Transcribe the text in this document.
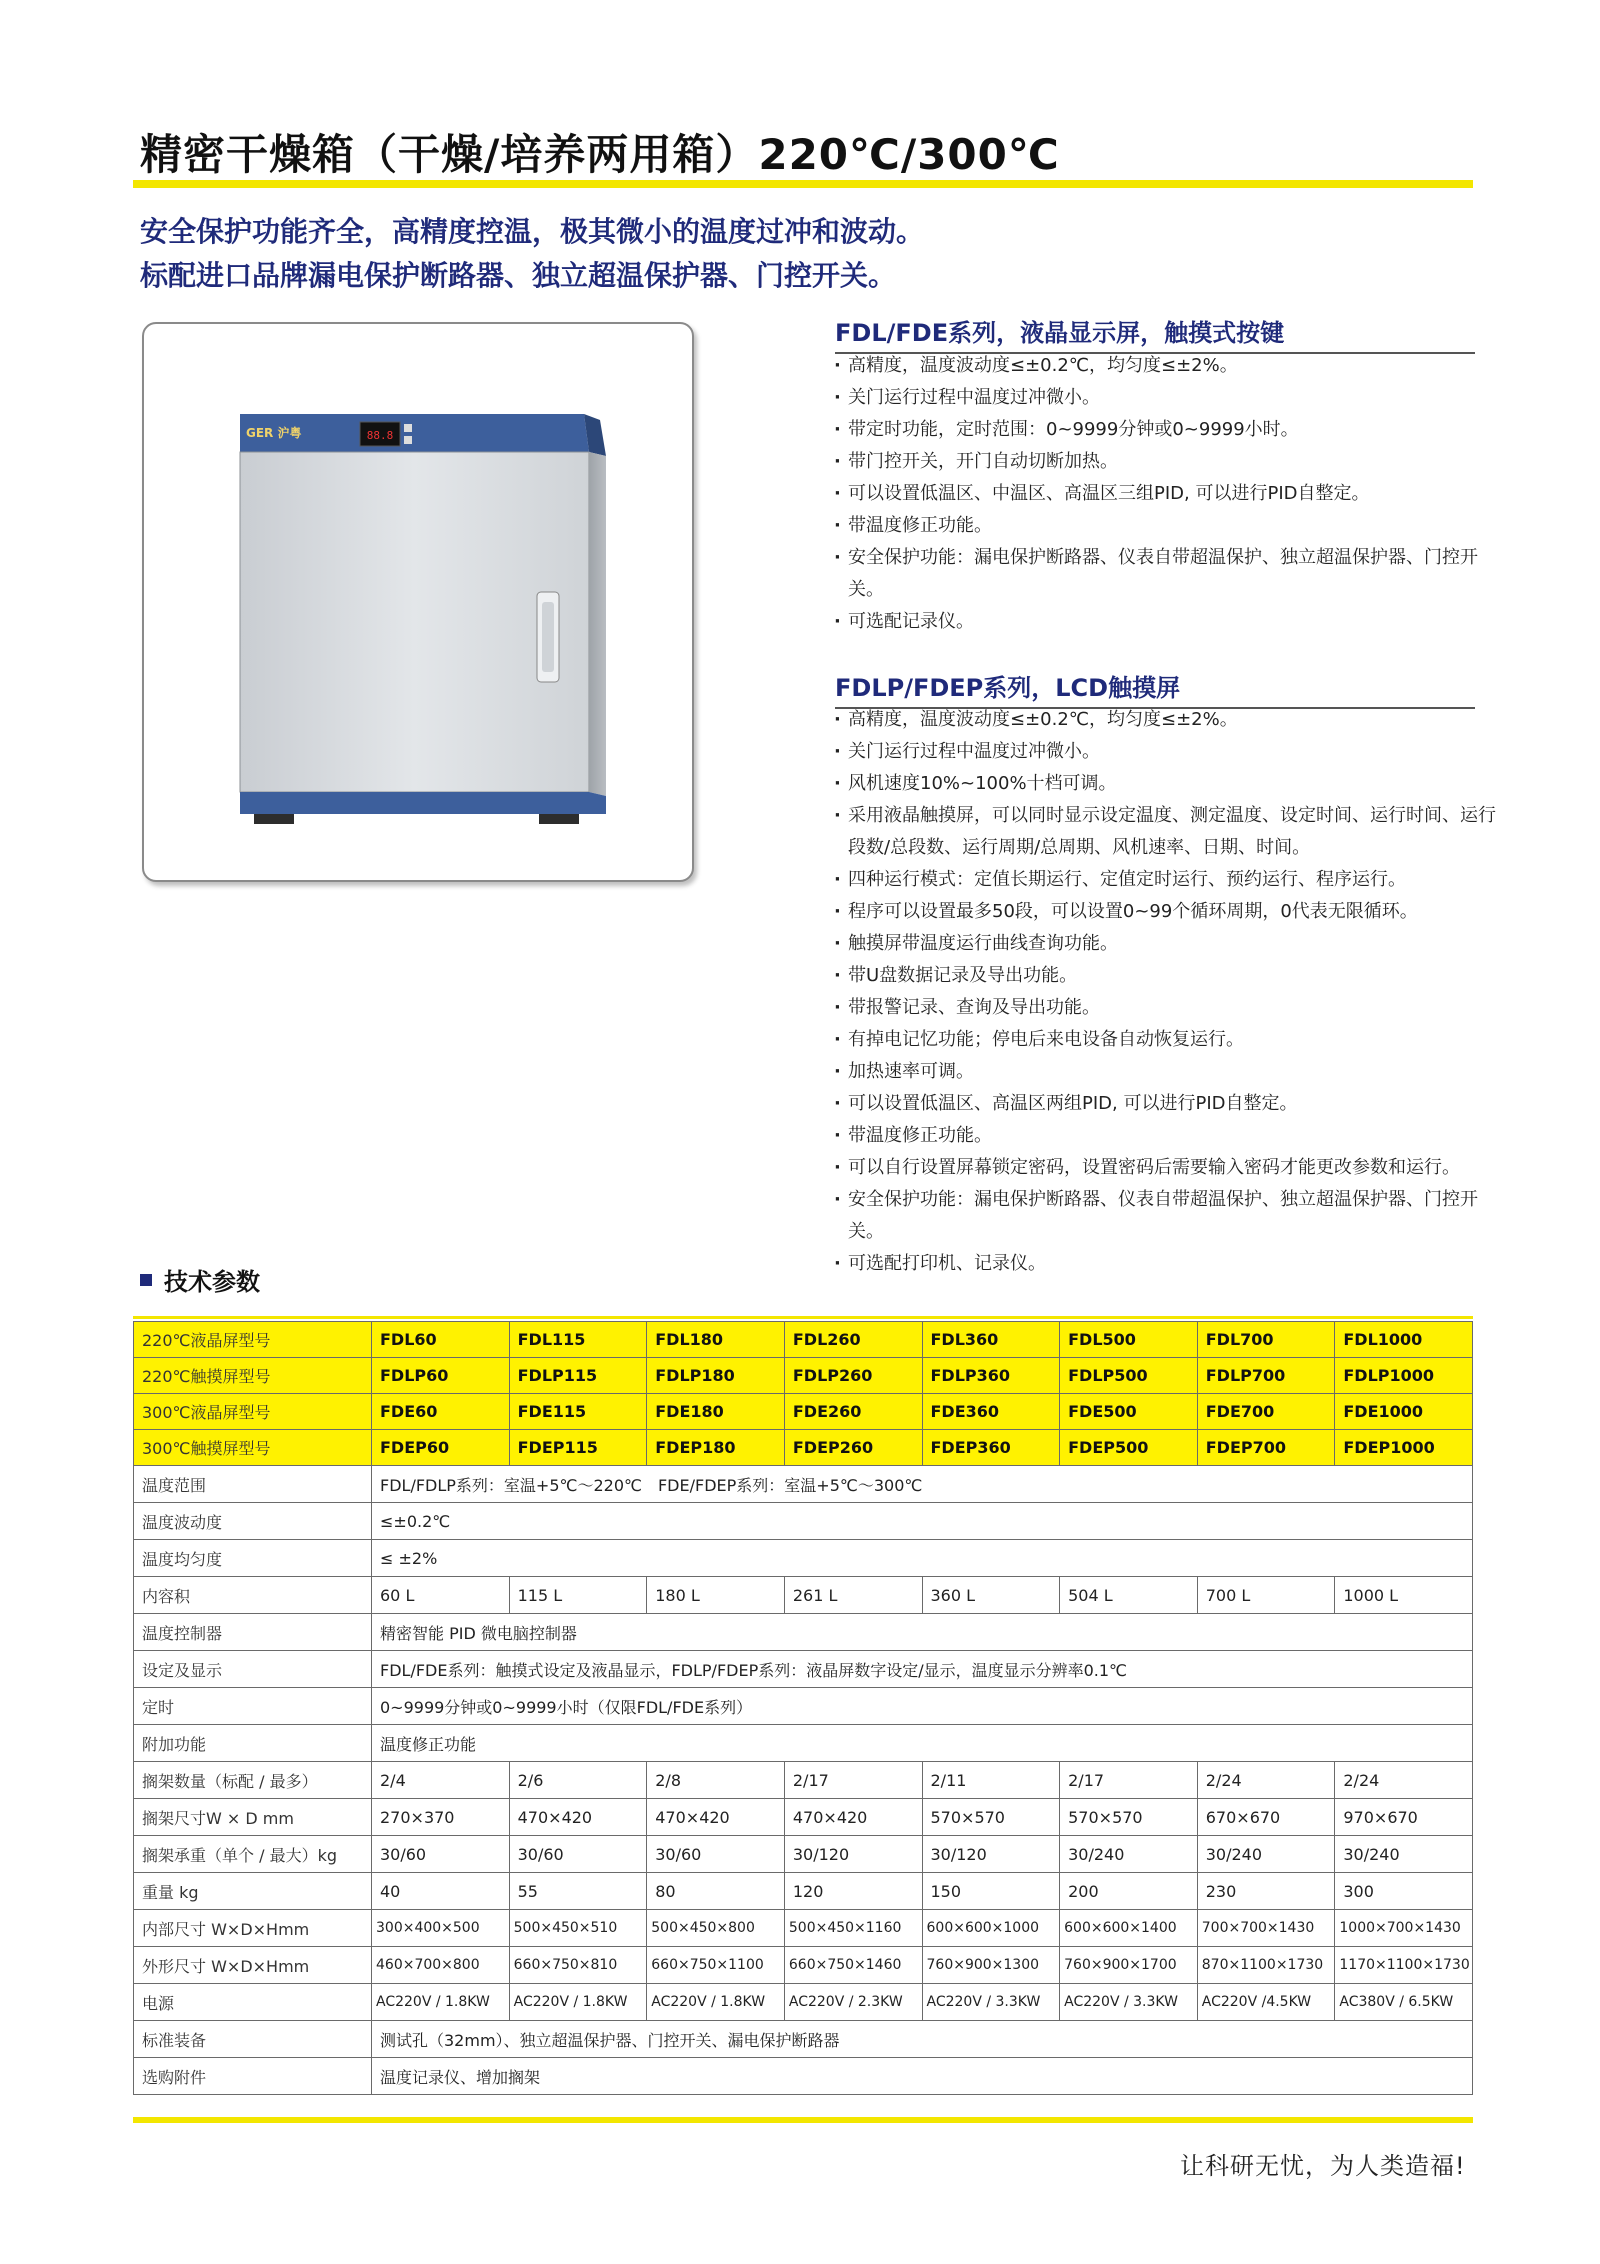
精密干燥箱（干燥/培养两用箱）220℃/300℃
安全保护功能齐全，高精度控温，极其微小的温度过冲和波动。
标配进口品牌漏电保护断路器、独立超温保护器、门控开关。
88.8
GER 沪粤
FDL/FDE系列，液晶显示屏，触摸式按键
· 高精度，温度波动度≤±0.2℃，均匀度≤±2%。
· 关门运行过程中温度过冲微小。
· 带定时功能，定时范围：0~9999分钟或0~9999小时。
· 带门控开关，开门自动切断加热。
· 可以设置低温区、中温区、高温区三组PID, 可以进行PID自整定。
· 带温度修正功能。
· 安全保护功能：漏电保护断路器、仪表自带超温保护、独立超温保护器、门控开关。
· 可选配记录仪。
FDLP/FDEP系列，LCD触摸屏
· 高精度，温度波动度≤±0.2℃，均匀度≤±2%。
· 关门运行过程中温度过冲微小。
· 风机速度10%~100%十档可调。
· 采用液晶触摸屏，可以同时显示设定温度、测定温度、设定时间、运行时间、运行段数/总段数、运行周期/总周期、风机速率、日期、时间。
· 四种运行模式：定值长期运行、定值定时运行、预约运行、程序运行。
· 程序可以设置最多50段，可以设置0~99个循环周期，0代表无限循环。
· 触摸屏带温度运行曲线查询功能。
· 带U盘数据记录及导出功能。
· 带报警记录、查询及导出功能。
· 有掉电记忆功能；停电后来电设备自动恢复运行。
· 加热速率可调。
· 可以设置低温区、高温区两组PID, 可以进行PID自整定。
· 带温度修正功能。
· 可以自行设置屏幕锁定密码，设置密码后需要输入密码才能更改参数和运行。
· 安全保护功能：漏电保护断路器、仪表自带超温保护、独立超温保护器、门控开关。
· 可选配打印机、记录仪。
技术参数
220℃液晶屏型号	FDL60	FDL115	FDL180	FDL260	FDL360	FDL500	FDL700	FDL1000
220℃触摸屏型号	FDLP60	FDLP115	FDLP180	FDLP260	FDLP360	FDLP500	FDLP700	FDLP1000
300℃液晶屏型号	FDE60	FDE115	FDE180	FDE260	FDE360	FDE500	FDE700	FDE1000
300℃触摸屏型号	FDEP60	FDEP115	FDEP180	FDEP260	FDEP360	FDEP500	FDEP700	FDEP1000
温度范围	FDL/FDLP系列：室温+5℃～220℃　FDE/FDEP系列：室温+5℃～300℃							
温度波动度	≤±0.2℃							
温度均匀度	≤ ±2%							
内容积	60 L	115 L	180 L	261 L	360 L	504 L	700 L	1000 L
温度控制器	精密智能 PID 微电脑控制器							
设定及显示	FDL/FDE系列：触摸式设定及液晶显示，FDLP/FDEP系列：液晶屏数字设定/显示，温度显示分辨率0.1℃							
定时	0~9999分钟或0~9999小时（仅限FDL/FDE系列）							
附加功能	温度修正功能							
搁架数量（标配 / 最多）	2/4	2/6	2/8	2/17	2/11	2/17	2/24	2/24
搁架尺寸W × D mm	270×370	470×420	470×420	470×420	570×570	570×570	670×670	970×670
搁架承重（单个 / 最大）kg	30/60	30/60	30/60	30/120	30/120	30/240	30/240	30/240
重量 kg	40	55	80	120	150	200	230	300
内部尺寸 W×D×Hmm	300×400×500	500×450×510	500×450×800	500×450×1160	600×600×1000	600×600×1400	700×700×1430	1000×700×1430
外形尺寸 W×D×Hmm	460×700×800	660×750×810	660×750×1100	660×750×1460	760×900×1300	760×900×1700	870×1100×1730	1170×1100×1730
电源	AC220V / 1.8KW	AC220V / 1.8KW	AC220V / 1.8KW	AC220V / 2.3KW	AC220V / 3.3KW	AC220V / 3.3KW	AC220V /4.5KW	AC380V / 6.5KW
标准装备	测试孔（32mm）、独立超温保护器、门控开关、漏电保护断路器							
选购附件	温度记录仪、增加搁架							
让科研无忧，为人类造福!
